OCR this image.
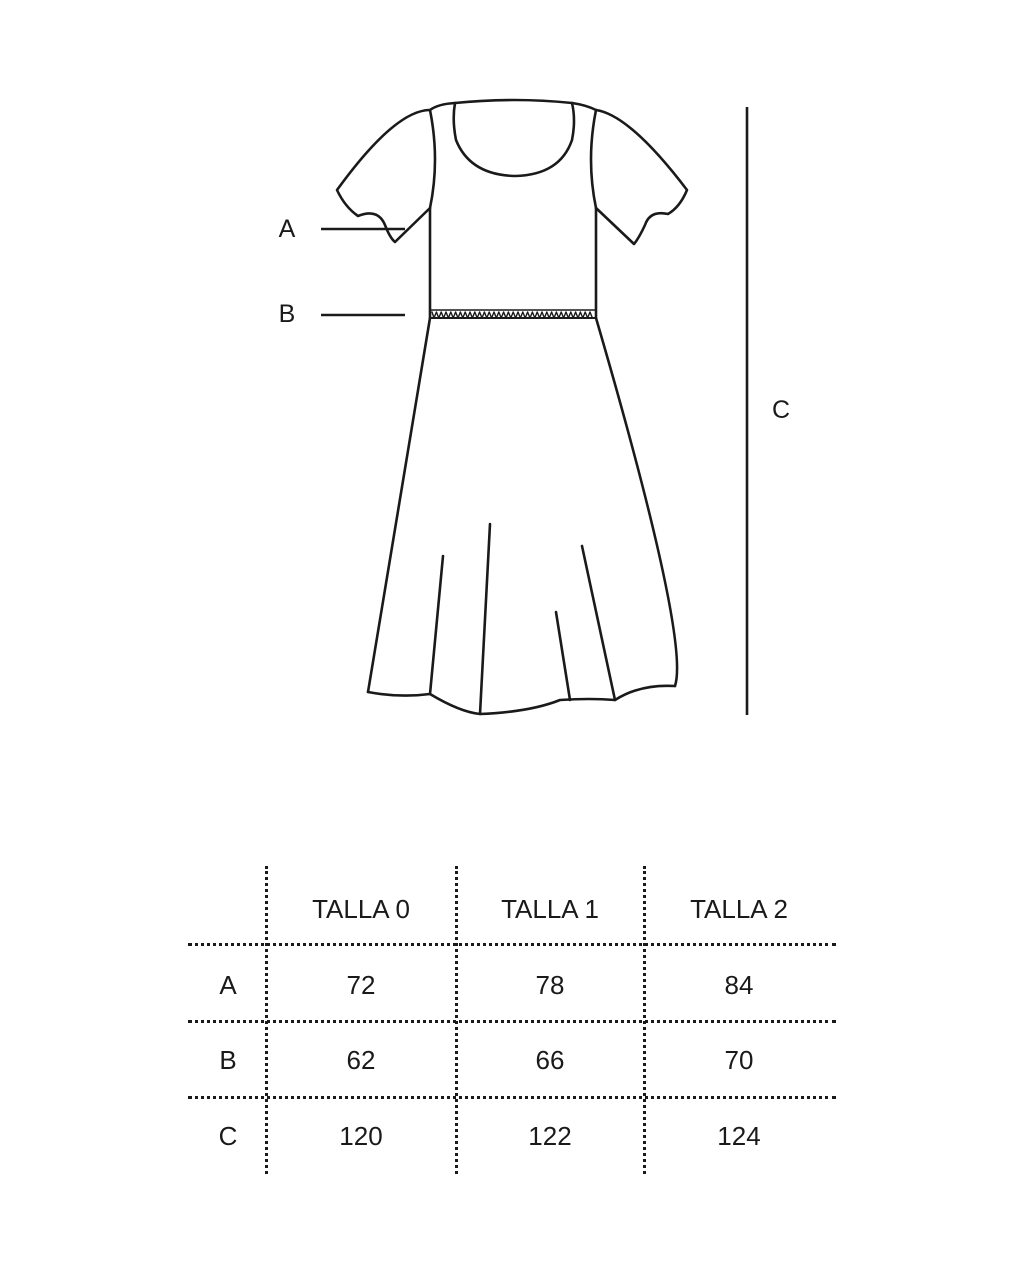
A
B
C
TALLA 0	TALLA 1	TALLA 2
A	72	78	84
B	62	66	70
C	120	122	124
